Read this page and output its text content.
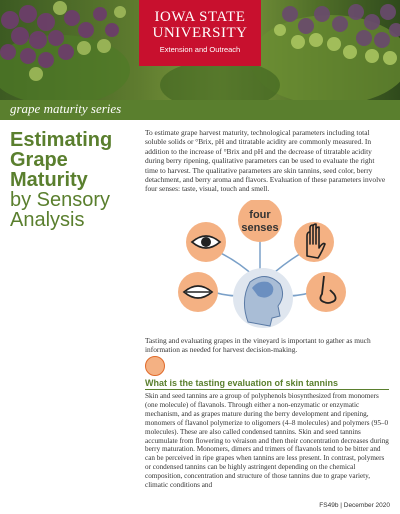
IOWA STATE
UNIVERSITY
Extension and Outreach
grape maturity series
Estimating
Grape
Maturity
by Sensory
Analysis

To estimate grape harvest maturity, technological parameters including total soluble solids or °Brix, pH and titratable acidity are commonly measured. In addition to the increase of °Brix and pH and the decrease of titratable acidity during berry ripening, qualitative parameters can be used to evaluate the right time to harvest. The qualitative parameters are skin tannins, seed color, berry detachment, and berry aroma and flavors. Evaluation of these parameters involve four senses: taste, visual, touch and smell.

four
senses

Tasting and evaluating grapes in the vineyard is important to gather as much information as needed for harvest decision-making.

What is the tasting evaluation of skin tannins

Skin and seed tannins are a group of polyphenols biosynthesized from monomers (one molecule) of flavanols. Through either a non-enzymatic or enzymatic mechanism, and as grapes mature during the berry development and ripening, monomers of flavanol polymerize to oligomers (4–8 molecules) and polymers (95–0 molecules). These are also called condensed tannins. Skin and seed tannins accumulate from flowering to véraison and then their concentration decreases during berry maturation. Monomers, dimers and trimers of flavanols tend to be bitter and can be perceived in ripe grapes when tannins are less present. In contrast, polymers or condensed tannins can be highly astringent depending on the chemical composition, concentration and structure of those tannins due to grape variety, climatic conditions and

FS49b | December 2020
